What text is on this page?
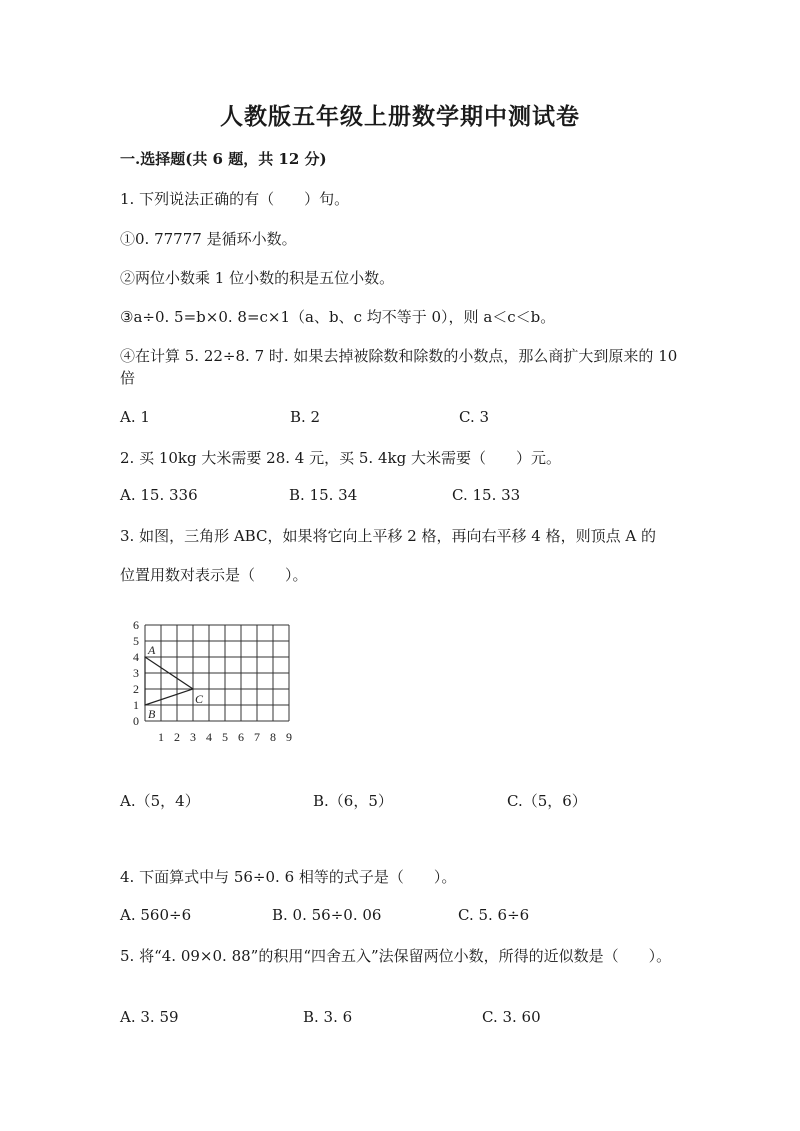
人教版五年级上册数学期中测试卷
一.选择题(共 6 题，共 12 分)
1. 下列说法正确的有（　　）句。
①0. 77777 是循环小数。
②两位小数乘 1 位小数的积是五位小数。
③a÷0. 5=b×0. 8=c×1（a、b、c 均不等于 0），则 a＜c＜b。
④在计算 5. 22÷8. 7 时. 如果去掉被除数和除数的小数点，那么商扩大到原来的 10 倍
A. 1	B. 2	C. 3
2. 买 10kg 大米需要 28. 4 元，买 5. 4kg 大米需要（　　）元。
A. 15. 336	B. 15. 34	C. 15. 33
3. 如图，三角形 ABC，如果将它向上平移 2 格，再向右平移 4 格，则顶点 A 的
位置用数对表示是（　　）。
6
5
4
3
2
1
0
1 2 3 4 5 6 7 8 9
A
B
C
A.（5，4）	B.（6，5）	C.（5，6）
4. 下面算式中与 56÷0. 6 相等的式子是（　　）。
A. 560÷6	B. 0. 56÷0. 06	C. 5. 6÷6
5. 将“4. 09×0. 88”的积用“四舍五入”法保留两位小数，所得的近似数是（　　）。
A. 3. 59	B. 3. 6	C. 3. 60
